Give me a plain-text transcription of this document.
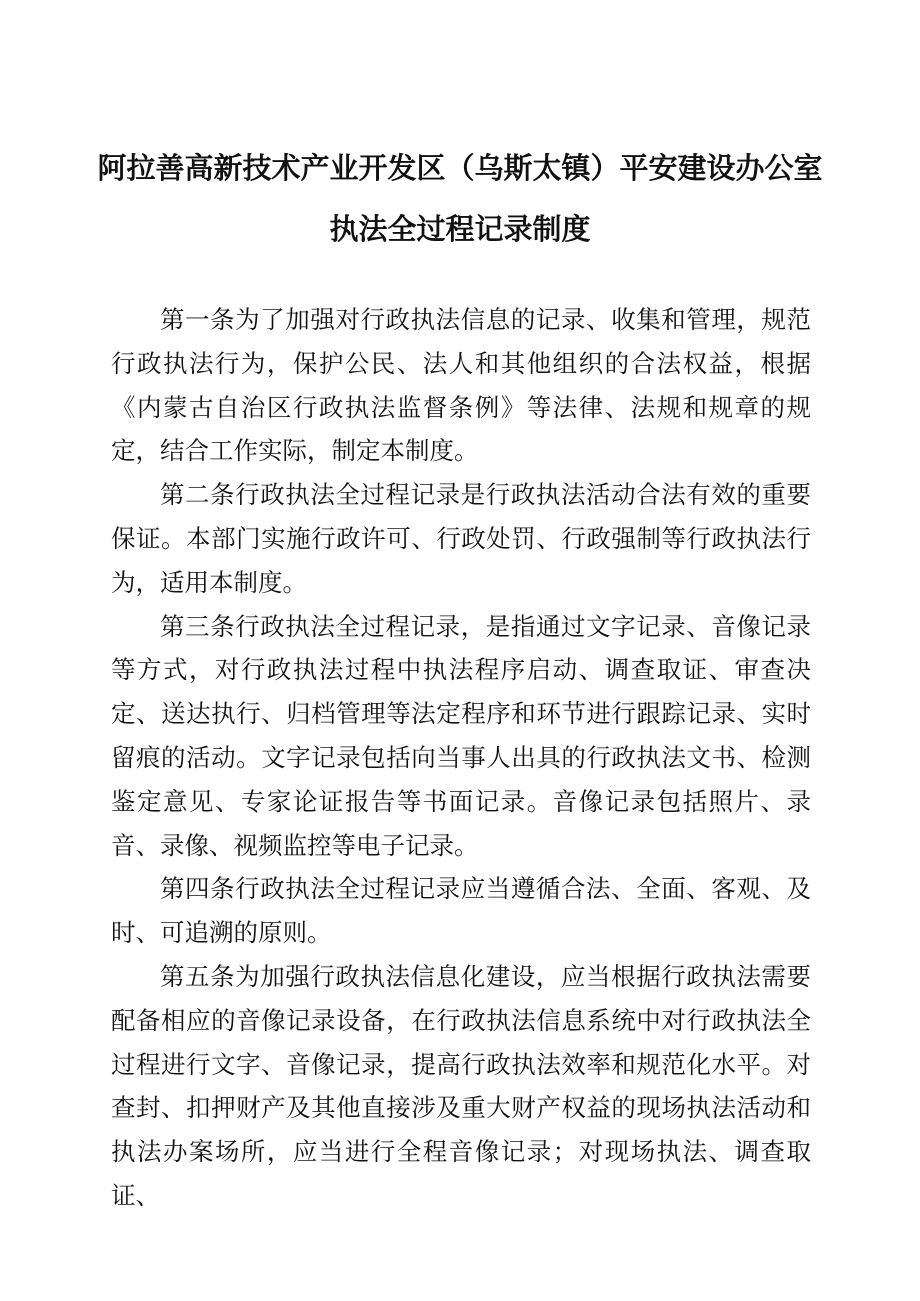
阿拉善高新技术产业开发区（乌斯太镇）平安建设办公室
执法全过程记录制度

第一条为了加强对行政执法信息的记录、收集和管理，规范行政执法行为，保护公民、法人和其他组织的合法权益，根据《内蒙古自治区行政执法监督条例》等法律、法规和规章的规定，结合工作实际，制定本制度。

第二条行政执法全过程记录是行政执法活动合法有效的重要保证。本部门实施行政许可、行政处罚、行政强制等行政执法行为，适用本制度。

第三条行政执法全过程记录，是指通过文字记录、音像记录等方式，对行政执法过程中执法程序启动、调查取证、审查决定、送达执行、归档管理等法定程序和环节进行跟踪记录、实时留痕的活动。文字记录包括向当事人出具的行政执法文书、检测鉴定意见、专家论证报告等书面记录。音像记录包括照片、录音、录像、视频监控等电子记录。

第四条行政执法全过程记录应当遵循合法、全面、客观、及时、可追溯的原则。

第五条为加强行政执法信息化建设，应当根据行政执法需要配备相应的音像记录设备，在行政执法信息系统中对行政执法全过程进行文字、音像记录，提高行政执法效率和规范化水平。对查封、扣押财产及其他直接涉及重大财产权益的现场执法活动和执法办案场所，应当进行全程音像记录；对现场执法、调查取证、
